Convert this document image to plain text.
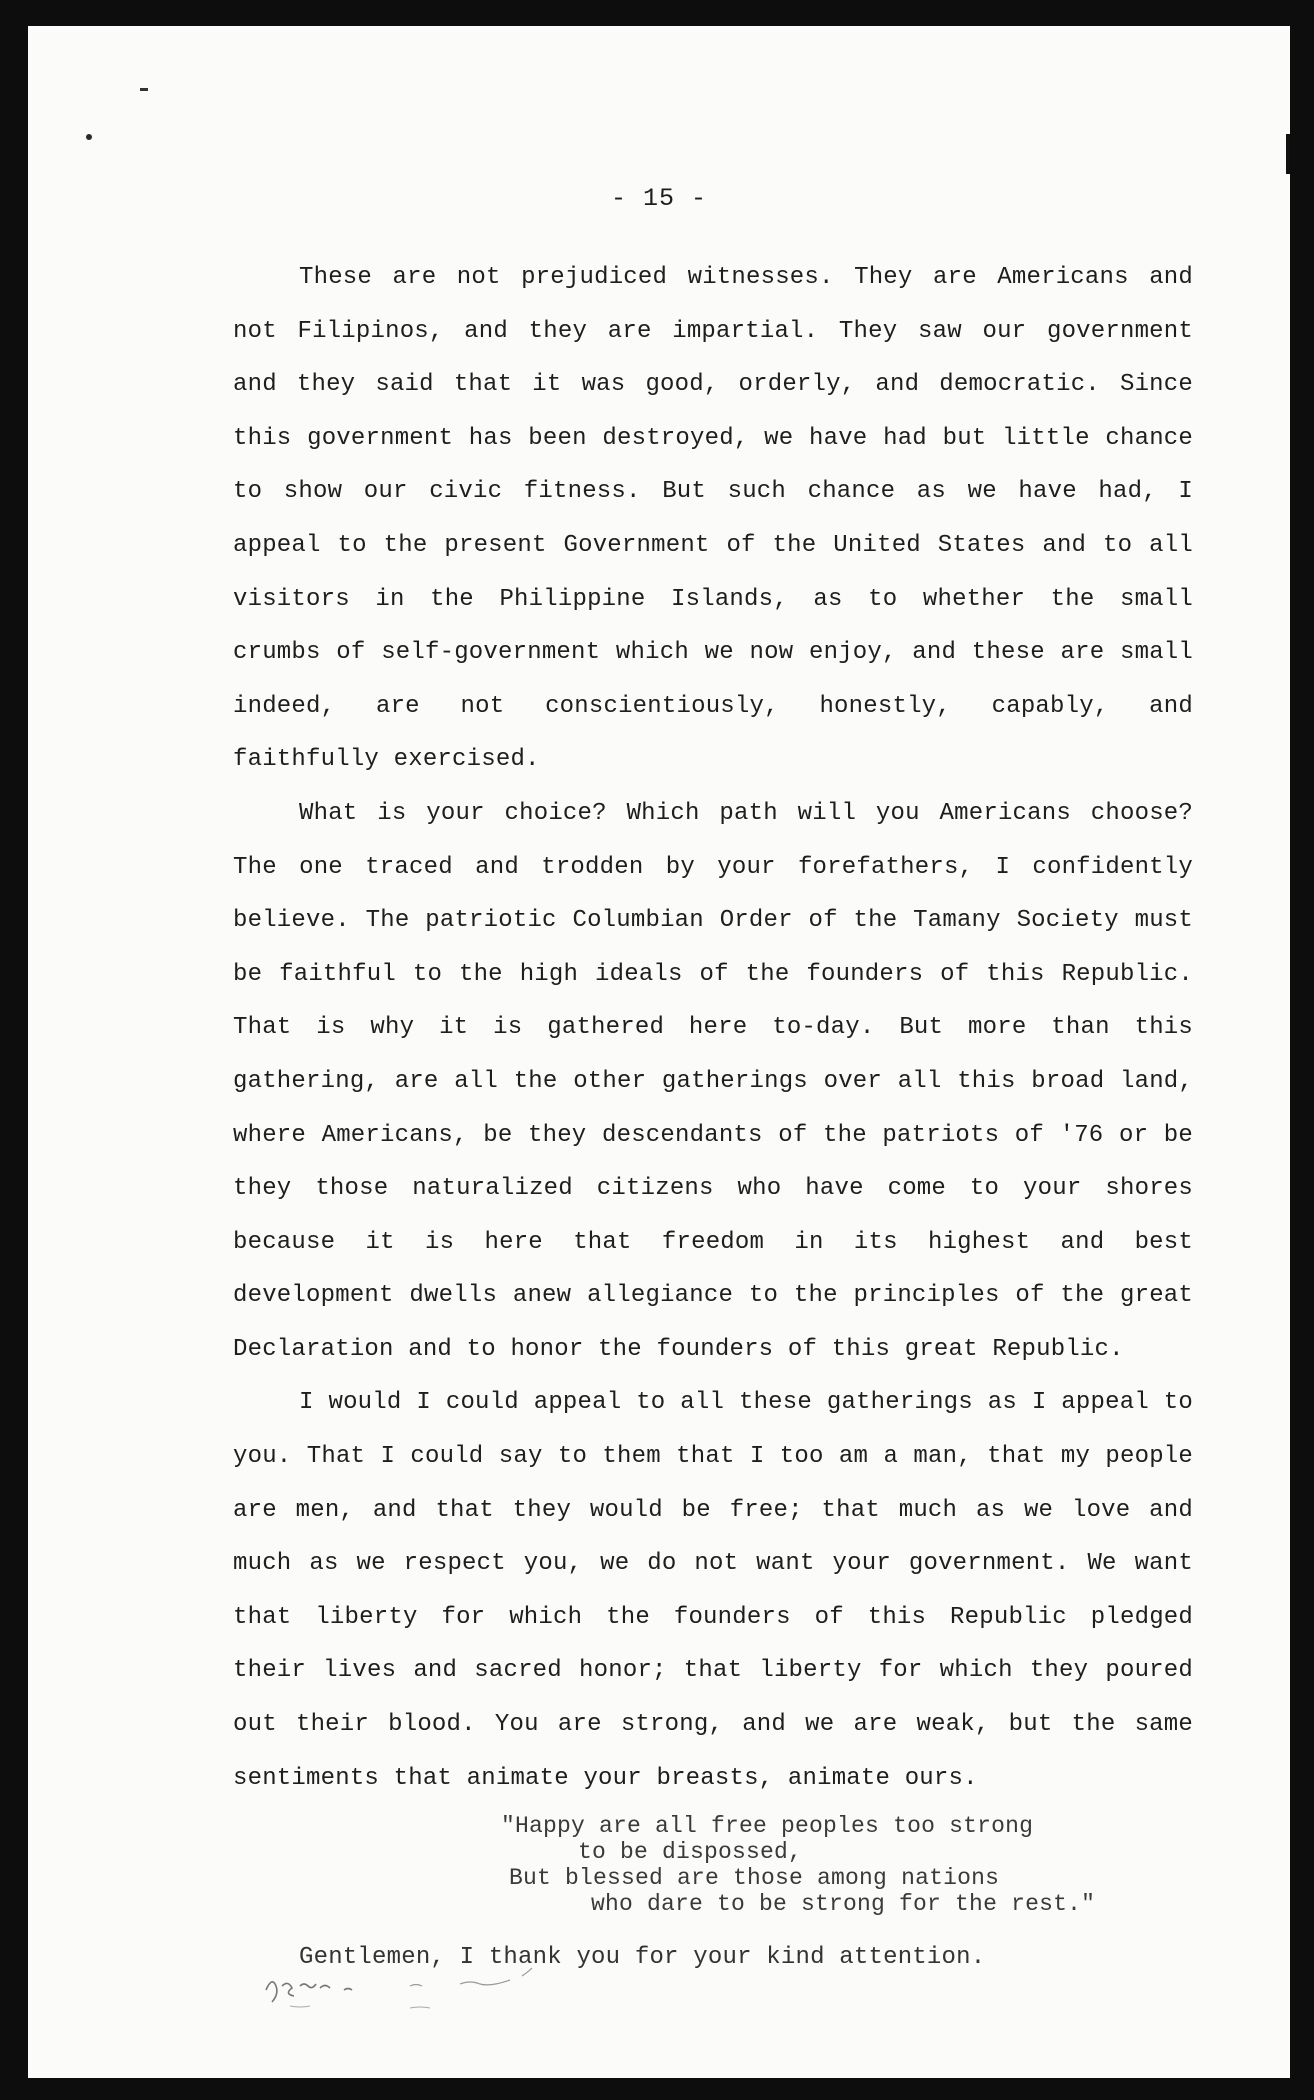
- 15 -

These are not prejudiced witnesses. They are Americans and not Filipinos, and they are impartial. They saw our government and they said that it was good, orderly, and democratic. Since this government has been destroyed, we have had but little chance to show our civic fitness. But such chance as we have had, I appeal to the present Government of the United States and to all visitors in the Philippine Islands, as to whether the small crumbs of self-government which we now enjoy, and these are small indeed, are not conscientiously, honestly, capably, and faithfully exercised.

What is your choice? Which path will you Americans choose? The one traced and trodden by your forefathers, I confidently believe. The patriotic Columbian Order of the Tamany Society must be faithful to the high ideals of the founders of this Republic. That is why it is gathered here to-day. But more than this gathering, are all the other gatherings over all this broad land, where Americans, be they descendants of the patriots of '76 or be they those naturalized citizens who have come to your shores because it is here that freedom in its highest and best development dwells anew allegiance to the principles of the great Declaration and to honor the founders of this great Republic.

I would I could appeal to all these gatherings as I appeal to you. That I could say to them that I too am a man, that my people are men, and that they would be free; that much as we love and much as we respect you, we do not want your government. We want that liberty for which the founders of this Republic pledged their lives and sacred honor; that liberty for which they poured out their blood. You are strong, and we are weak, but the same sentiments that animate your breasts, animate ours.

"Happy are all free peoples too strong
to be dispossed,
But blessed are those among nations
who dare to be strong for the rest."

Gentlemen, I thank you for your kind attention.
